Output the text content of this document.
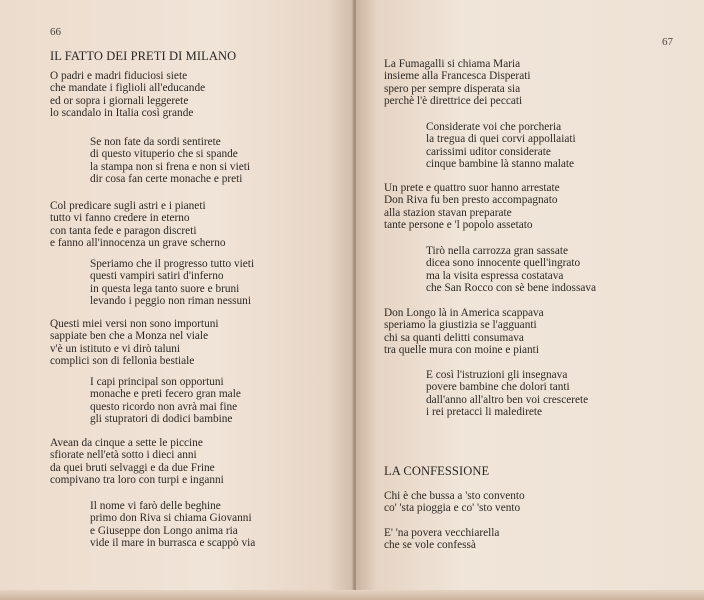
66
IL FATTO DEI PRETI DI MILANO
O padri e madri fiduciosi siete
che mandate i figlioli all'educande
ed or sopra i giornali leggerete
lo scandalo in Italia così grande
Se non fate da sordi sentirete
di questo vituperio che si spande
la stampa non si frena e non si vieti
dir cosa fan certe monache e preti
Col predicare sugli astri e i pianeti
tutto vi fanno credere in eterno
con tanta fede e paragon discreti
e fanno all'innocenza un grave scherno
Speriamo che il progresso tutto vieti
questi vampiri satiri d'inferno
in questa lega tanto suore e bruni
levando i peggio non riman nessuni
Questi miei versi non sono importuni
sappiate ben che a Monza nel viale
v'è un istituto e vi dirò taluni
complici son di fellonìa bestiale
I capi principal son opportuni
monache e preti fecero gran male
questo ricordo non avrà mai fine
gli stupratori di dodici bambine
Avean da cinque a sette le piccine
sfiorate nell'età sotto i dieci anni
da quei bruti selvaggi e da due Frine
compivano tra loro con turpi e inganni
Il nome vi farò delle beghine
primo don Riva si chiama Giovanni
e Giuseppe don Longo anima ria
vide il mare in burrasca e scappò via
67
La Fumagalli si chiama Maria
insieme alla Francesca Disperati
spero per sempre disperata sia
perchè l'è direttrice dei peccati
Considerate voi che porcheria
la tregua di quei corvi appollaiati
carissimi uditor considerate
cinque bambine là stanno malate
Un prete e quattro suor hanno arrestate
Don Riva fu ben presto accompagnato
alla stazion stavan preparate
tante persone e 'l popolo assetato
Tirò nella carrozza gran sassate
dicea sono innocente quell'ingrato
ma la visita espressa costatava
che San Rocco con sè bene indossava
Don Longo là in America scappava
speriamo la giustizia se l'agguanti
chi sa quanti delitti consumava
tra quelle mura con moine e pianti
E così l'istruzioni gli insegnava
povere bambine che dolori tanti
dall'anno all'altro ben voi crescerete
i rei pretacci li maledirete
LA CONFESSIONE
Chi è che bussa a 'sto convento
co' 'sta pioggia e co' 'sto vento
E' 'na povera vecchiarella
che se vole confessà
